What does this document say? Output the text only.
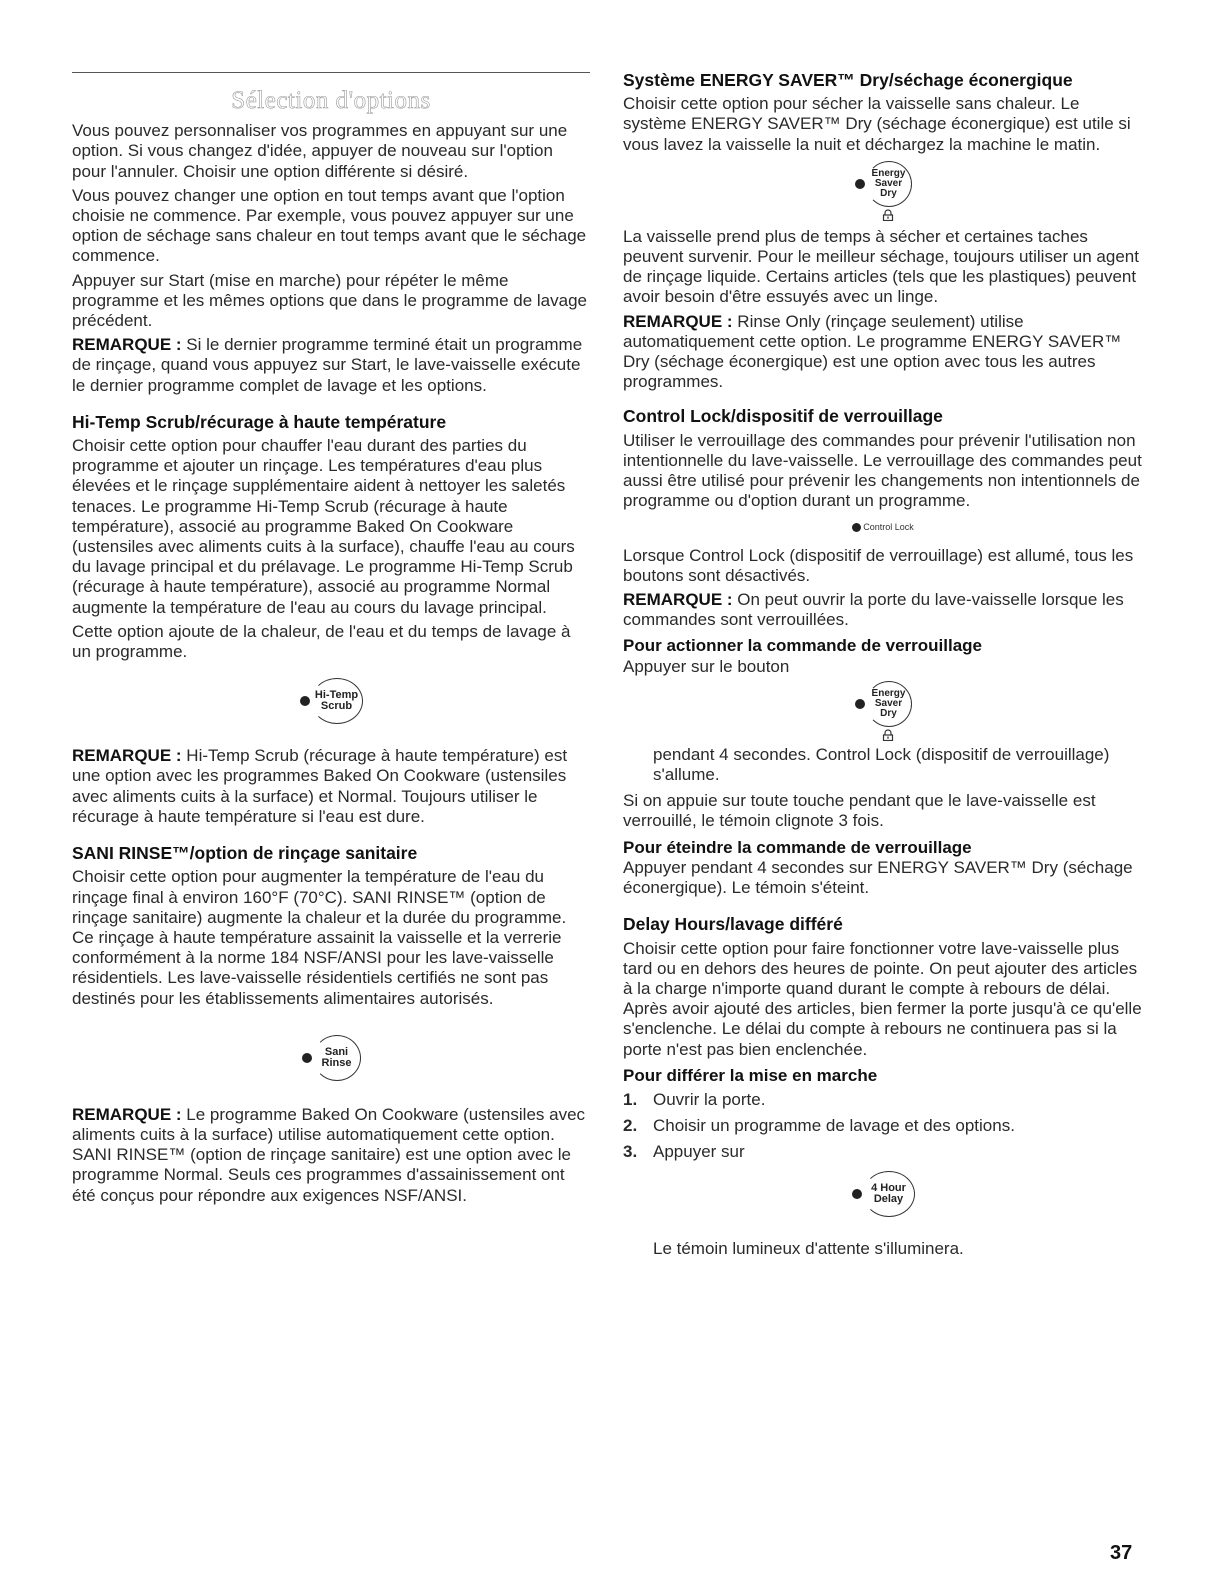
Sélection d'options

Vous pouvez personnaliser vos programmes en appuyant sur une option. Si vous changez d'idée, appuyer de nouveau sur l'option pour l'annuler. Choisir une option différente si désiré.

Vous pouvez changer une option en tout temps avant que l'option choisie ne commence. Par exemple, vous pouvez appuyer sur une option de séchage sans chaleur en tout temps avant que le séchage commence.

Appuyer sur Start (mise en marche) pour répéter le même programme et les mêmes options que dans le programme de lavage précédent.

REMARQUE : Si le dernier programme terminé était un programme de rinçage, quand vous appuyez sur Start, le lave-vaisselle exécute le dernier programme complet de lavage et les options.

Hi-Temp Scrub/récurage à haute température

Choisir cette option pour chauffer l'eau durant des parties du programme et ajouter un rinçage. Les températures d'eau plus élevées et le rinçage supplémentaire aident à nettoyer les saletés tenaces. Le programme Hi-Temp Scrub (récurage à haute température), associé au programme Baked On Cookware (ustensiles avec aliments cuits à la surface), chauffe l'eau au cours du lavage principal et du prélavage. Le programme Hi-Temp Scrub (récurage à haute température), associé au programme Normal augmente la température de l'eau au cours du lavage principal.

Cette option ajoute de la chaleur, de l'eau et du temps de lavage à un programme.

Hi-Temp
Scrub

REMARQUE : Hi-Temp Scrub (récurage à haute température) est une option avec les programmes Baked On Cookware (ustensiles avec aliments cuits à la surface) et Normal. Toujours utiliser le récurage à haute température si l'eau est dure.

SANI RINSE™/option de rinçage sanitaire

Choisir cette option pour augmenter la température de l'eau du rinçage final à environ 160°F (70°C). SANI RINSE™ (option de rinçage sanitaire) augmente la chaleur et la durée du programme. Ce rinçage à haute température assainit la vaisselle et la verrerie conformément à la norme 184 NSF/ANSI pour les lave-vaisselle résidentiels. Les lave-vaisselle résidentiels certifiés ne sont pas destinés pour les établissements alimentaires autorisés.

Sani
Rinse

REMARQUE : Le programme Baked On Cookware (ustensiles avec aliments cuits à la surface) utilise automatiquement cette option. SANI RINSE™ (option de rinçage sanitaire) est une option avec le programme Normal. Seuls ces programmes d'assainissement ont été conçus pour répondre aux exigences NSF/ANSI.

Système ENERGY SAVER™ Dry/séchage éconergique

Choisir cette option pour sécher la vaisselle sans chaleur. Le système ENERGY SAVER™ Dry (séchage éconergique) est utile si vous lavez la vaisselle la nuit et déchargez la machine le matin.

Energy
Saver
Dry

La vaisselle prend plus de temps à sécher et certaines taches peuvent survenir. Pour le meilleur séchage, toujours utiliser un agent de rinçage liquide. Certains articles (tels que les plastiques) peuvent avoir besoin d'être essuyés avec un linge.

REMARQUE : Rinse Only (rinçage seulement) utilise automatiquement cette option. Le programme ENERGY SAVER™ Dry (séchage éconergique) est une option avec tous les autres programmes.

Control Lock/dispositif de verrouillage

Utiliser le verrouillage des commandes pour prévenir l'utilisation non intentionnelle du lave-vaisselle. Le verrouillage des commandes peut aussi être utilisé pour prévenir les changements non intentionnels de programme ou d'option durant un programme.

Control Lock

Lorsque Control Lock (dispositif de verrouillage) est allumé, tous les boutons sont désactivés.

REMARQUE : On peut ouvrir la porte du lave-vaisselle lorsque les commandes sont verrouillées.

Pour actionner la commande de verrouillage

Appuyer sur le bouton

Energy
Saver
Dry

pendant 4 secondes. Control Lock (dispositif de verrouillage) s'allume.

Si on appuie sur toute touche pendant que le lave-vaisselle est verrouillé, le témoin clignote 3 fois.

Pour éteindre la commande de verrouillage

Appuyer pendant 4 secondes sur ENERGY SAVER™ Dry (séchage éconergique). Le témoin s'éteint.

Delay Hours/lavage différé

Choisir cette option pour faire fonctionner votre lave-vaisselle plus tard ou en dehors des heures de pointe. On peut ajouter des articles à la charge n'importe quand durant le compte à rebours de délai. Après avoir ajouté des articles, bien fermer la porte jusqu'à ce qu'elle s'enclenche. Le délai du compte à rebours ne continuera pas si la porte n'est pas bien enclenchée.

Pour différer la mise en marche
1. Ouvrir la porte.
2. Choisir un programme de lavage et des options.
3. Appuyer sur
4 Hour
Delay

Le témoin lumineux d'attente s'illuminera.

37
